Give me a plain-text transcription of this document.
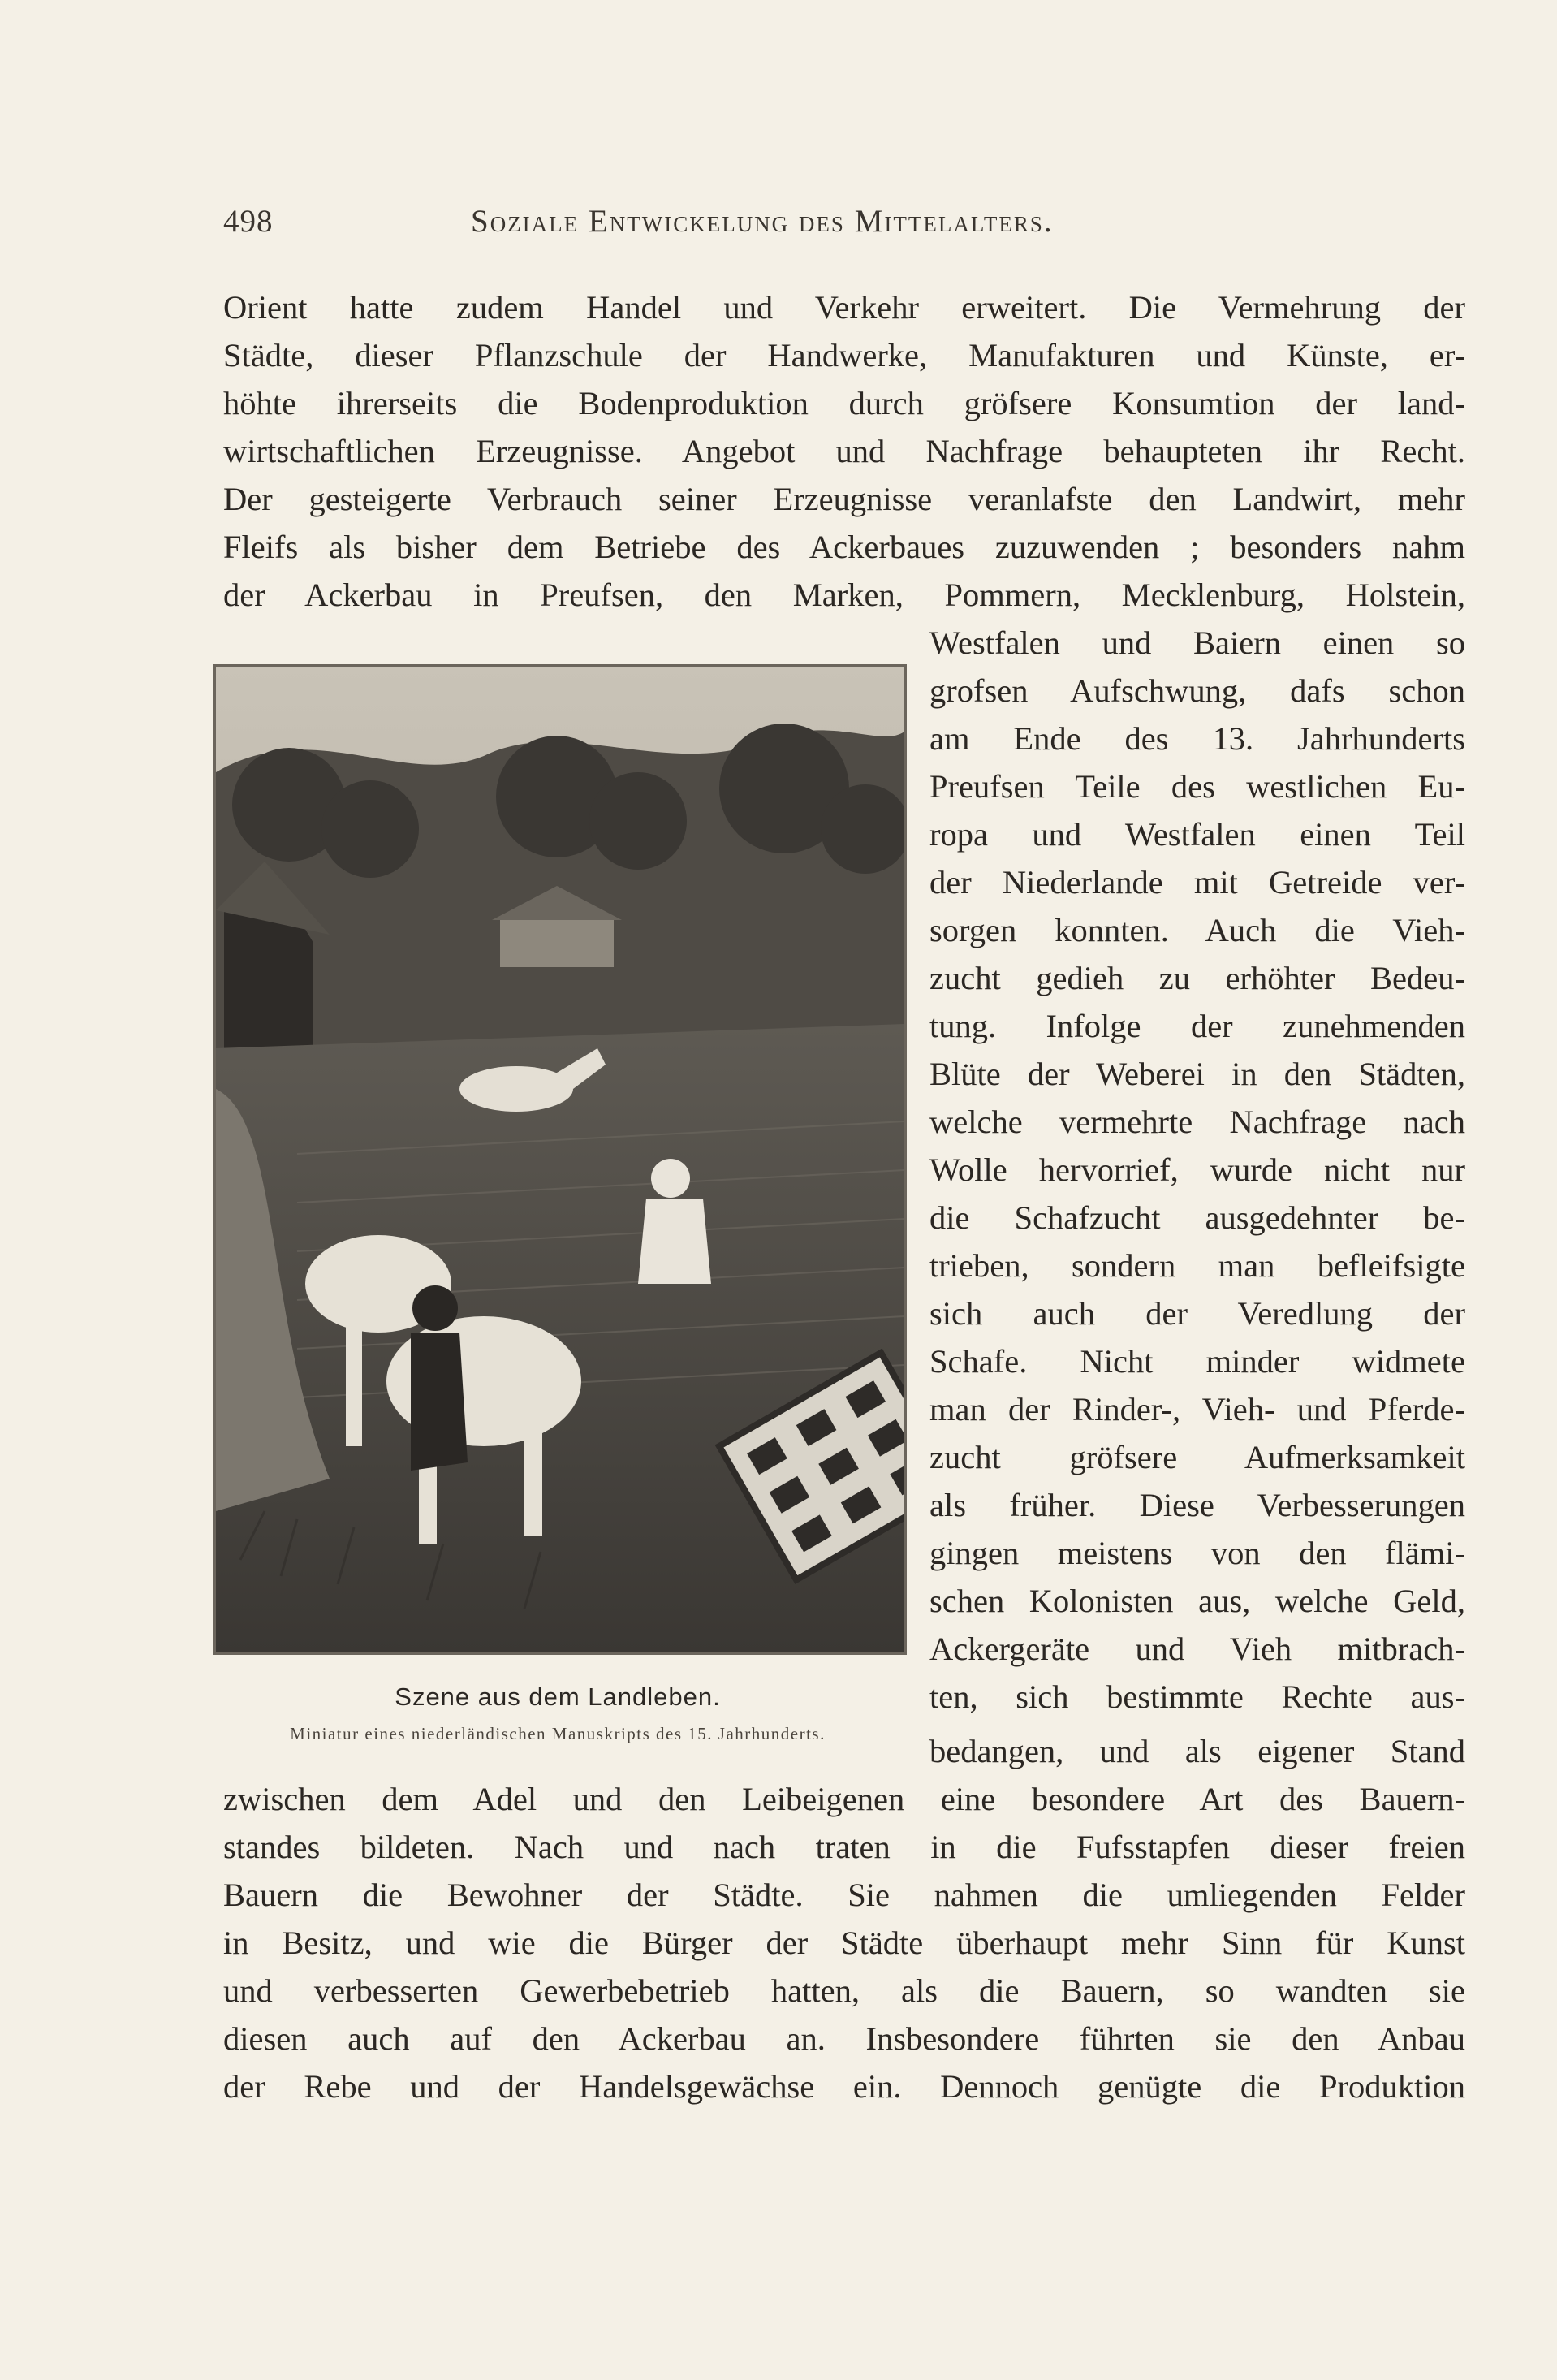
498	Soziale Entwickelung des Mittelalters.
Orient hatte zudem Handel und Verkehr erweitert. Die Vermehrung der
Städte, dieser Pflanzschule der Handwerke, Manufakturen und Künste, er-
höhte ihrerseits die Bodenproduktion durch gröfsere Konsumtion der land-
wirtschaftlichen Erzeugnisse. Angebot und Nachfrage behaupteten ihr Recht.
Der gesteigerte Verbrauch seiner Erzeugnisse veranlafste den Landwirt, mehr
Fleifs als bisher dem Betriebe des Ackerbaues zuzuwenden ; besonders nahm
der Ackerbau in Preufsen, den Marken, Pommern, Mecklenburg, Holstein,
Westfalen und Baiern einen so
grofsen Aufschwung, dafs schon
am Ende des 13. Jahrhunderts
Preufsen Teile des westlichen Eu-
ropa und Westfalen einen Teil
der Niederlande mit Getreide ver-
sorgen konnten. Auch die Vieh-
zucht gedieh zu erhöhter Bedeu-
tung. Infolge der zunehmenden
Blüte der Weberei in den Städten,
welche vermehrte Nachfrage nach
Wolle hervorrief, wurde nicht nur
die Schafzucht ausgedehnter be-
trieben, sondern man befleifsigte
sich auch der Veredlung der
Schafe. Nicht minder widmete
man der Rinder-, Vieh- und Pferde-
zucht gröfsere Aufmerksamkeit
als früher. Diese Verbesserungen
gingen meistens von den flämi-
schen Kolonisten aus, welche Geld,
Ackergeräte und Vieh mitbrach-
ten, sich bestimmte Rechte aus-
bedangen, und als eigener Stand
zwischen dem Adel und den Leibeigenen eine besondere Art des Bauern-
standes bildeten. Nach und nach traten in die Fufsstapfen dieser freien
Bauern die Bewohner der Städte. Sie nahmen die umliegenden Felder
in Besitz, und wie die Bürger der Städte überhaupt mehr Sinn für Kunst
und verbesserten Gewerbebetrieb hatten, als die Bauern, so wandten sie
diesen auch auf den Ackerbau an. Insbesondere führten sie den Anbau
der Rebe und der Handelsgewächse ein. Dennoch genügte die Produktion
Szene aus dem Landleben.
Miniatur eines niederländischen Manuskripts des 15. Jahrhunderts.
